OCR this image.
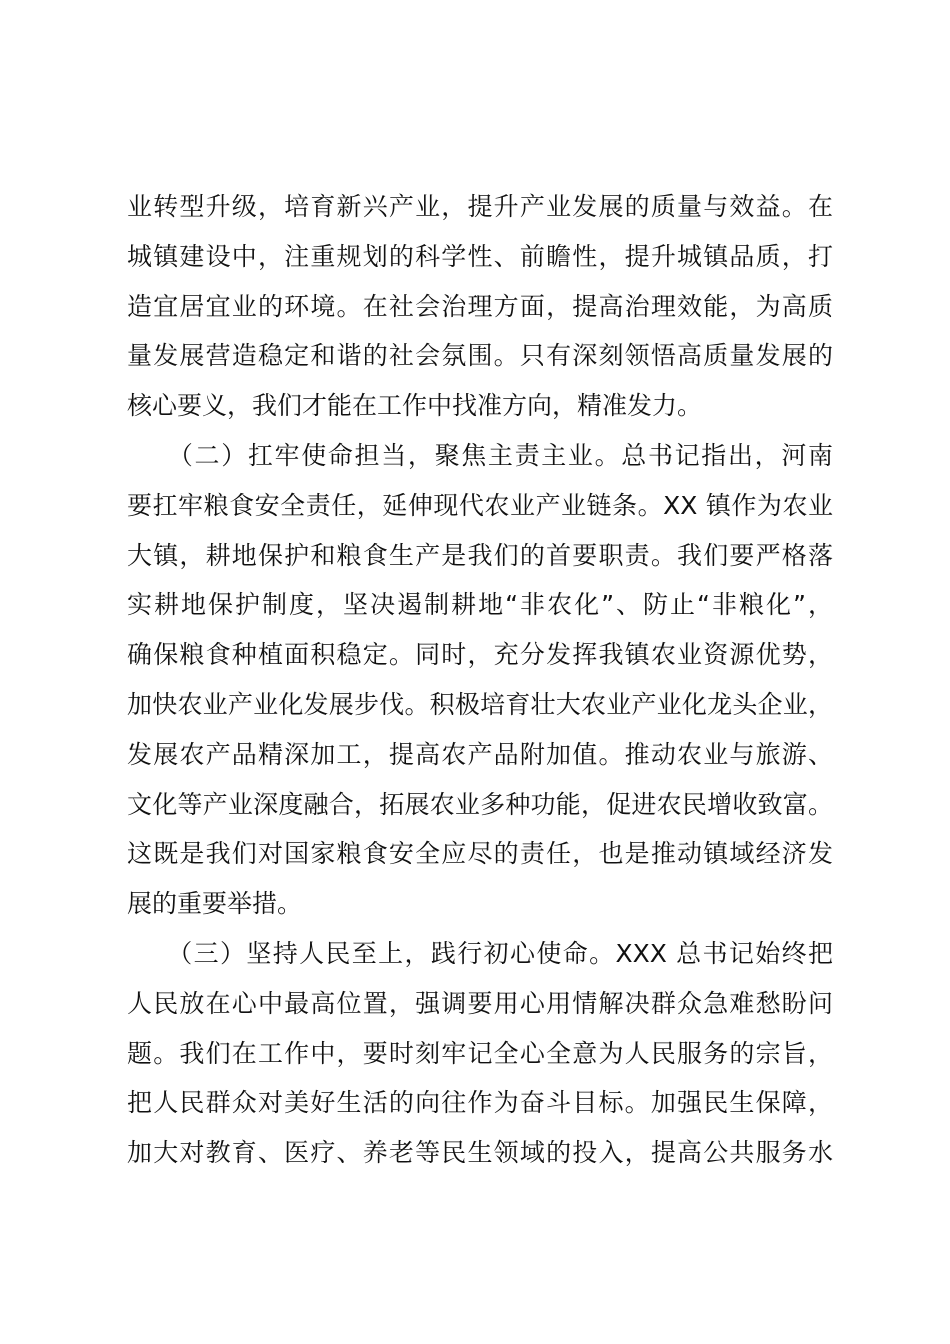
业转型升级，培育新兴产业，提升产业发展的质量与效益。在
城镇建设中，注重规划的科学性、前瞻性，提升城镇品质，打
造宜居宜业的环境。在社会治理方面，提高治理效能，为高质
量发展营造稳定和谐的社会氛围。只有深刻领悟高质量发展的
核心要义，我们才能在工作中找准方向，精准发力。
　　（二）扛牢使命担当，聚焦主责主业。总书记指出，河南
要扛牢粮食安全责任，延伸现代农业产业链条。XX 镇作为农业
大镇，耕地保护和粮食生产是我们的首要职责。我们要严格落
实耕地保护制度，坚决遏制耕地“非农化”、防止“非粮化”，
确保粮食种植面积稳定。同时，充分发挥我镇农业资源优势，
加快农业产业化发展步伐。积极培育壮大农业产业化龙头企业，
发展农产品精深加工，提高农产品附加值。推动农业与旅游、
文化等产业深度融合，拓展农业多种功能，促进农民增收致富。
这既是我们对国家粮食安全应尽的责任，也是推动镇域经济发
展的重要举措。
　　（三）坚持人民至上，践行初心使命。XXX 总书记始终把
人民放在心中最高位置，强调要用心用情解决群众急难愁盼问
题。我们在工作中，要时刻牢记全心全意为人民服务的宗旨，
把人民群众对美好生活的向往作为奋斗目标。加强民生保障，
加大对教育、医疗、养老等民生领域的投入，提高公共服务水
